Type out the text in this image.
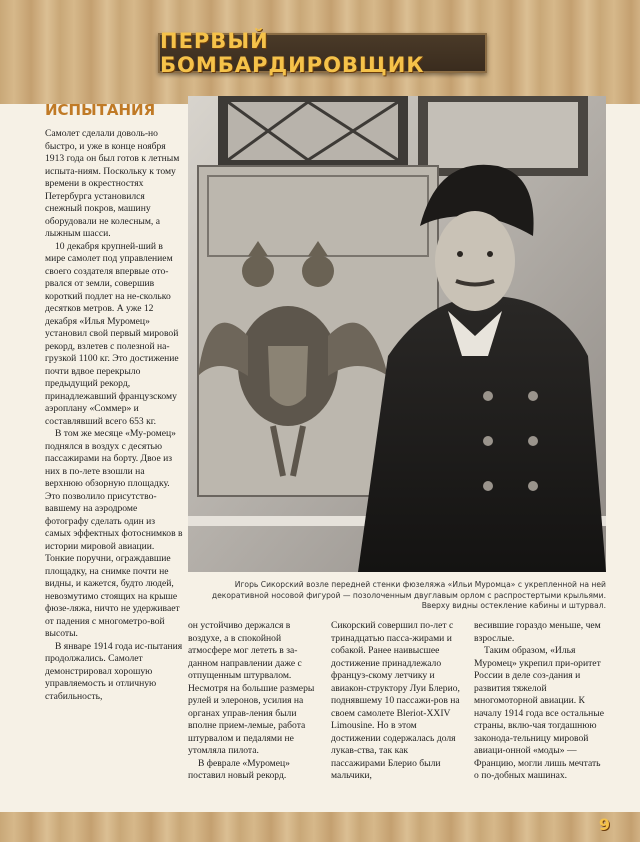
ПЕРВЫЙ БОМБАРДИРОВЩИК
ИСПЫТАНИЯ

Самолет сделали доволь-но быстро, и уже в конце ноября 1913 года он был готов к летным испыта-ниям. Поскольку к тому времени в окрестностях Петербурга установился снежный покров, машину оборудовали не колесным, а лыжным шасси.

10 декабря крупней-ший в мире самолет под управлением своего создателя впервые ото-рвался от земли, совершив короткий подлет на не-сколько десятков метров. А уже 12 декабря «Илья Муромец» установил свой первый мировой рекорд, взлетев с полезной на-грузкой 1100 кг. Это достижение почти вдвое перекрыло предыдущий рекорд, принадлежавший французскому аэроплану «Соммер» и составлявший всего 653 кг.

В том же месяце «Му-ромец» поднялся в воздух с десятью пассажирами на борту. Двое из них в по-лете взошли на верхнюю обзорную площадку. Это позволило присутство-вавшему на аэродроме фотографу сделать один из самых эффектных фотоснимков в истории мировой авиации. Тонкие поручни, ограждавшие площадку, на снимке почти не видны, и кажется, будто людей, невозмутимо стоящих на крыше фюзе-ляжа, ничто не удерживает от падения с многометро-вой высоты.

В январе 1914 года ис-пытания продолжались. Самолет демонстрировал хорошую управляемость и отличную стабильность,

Игорь Сикорский возле передней стенки фюзеляжа «Ильи Муромца» с укрепленной на ней
декоративной носовой фигурой — позолоченным двуглавым орлом с распростертыми крыльями.
Вверху видны остекление кабины и штурвал.

он устойчиво держался в воздухе, а в спокойной атмосфере мог лететь в за-данном направлении даже с отпущенным штурвалом. Несмотря на большие размеры рулей и элеронов, усилия на органах управ-ления были вполне прием-лемые, работа штурвалом и педалями не утомляла пилота.

В феврале «Муромец» поставил новый рекорд.

Сикорский совершил по-лет с тринадцатью пасса-жирами и собакой. Ранее наивысшее достижение принадлежало француз-скому летчику и авиакон-структору Луи Блерио, поднявшему 10 пассажи-ров на своем самолете Bleriot-XXIV Limousine. Но в этом достижении содержалась доля лукав-ства, так как пассажирами Блерио были мальчики,

весившие гораздо меньше, чем взрослые.

Таким образом, «Илья Муромец» укрепил при-оритет России в деле соз-дания и развития тяжелой многомоторной авиации. К началу 1914 года все остальные страны, вклю-чая тогдашнюю законода-тельницу мировой авиаци-онной «моды» — Францию, могли лишь мечтать о по-добных машинах.

9
